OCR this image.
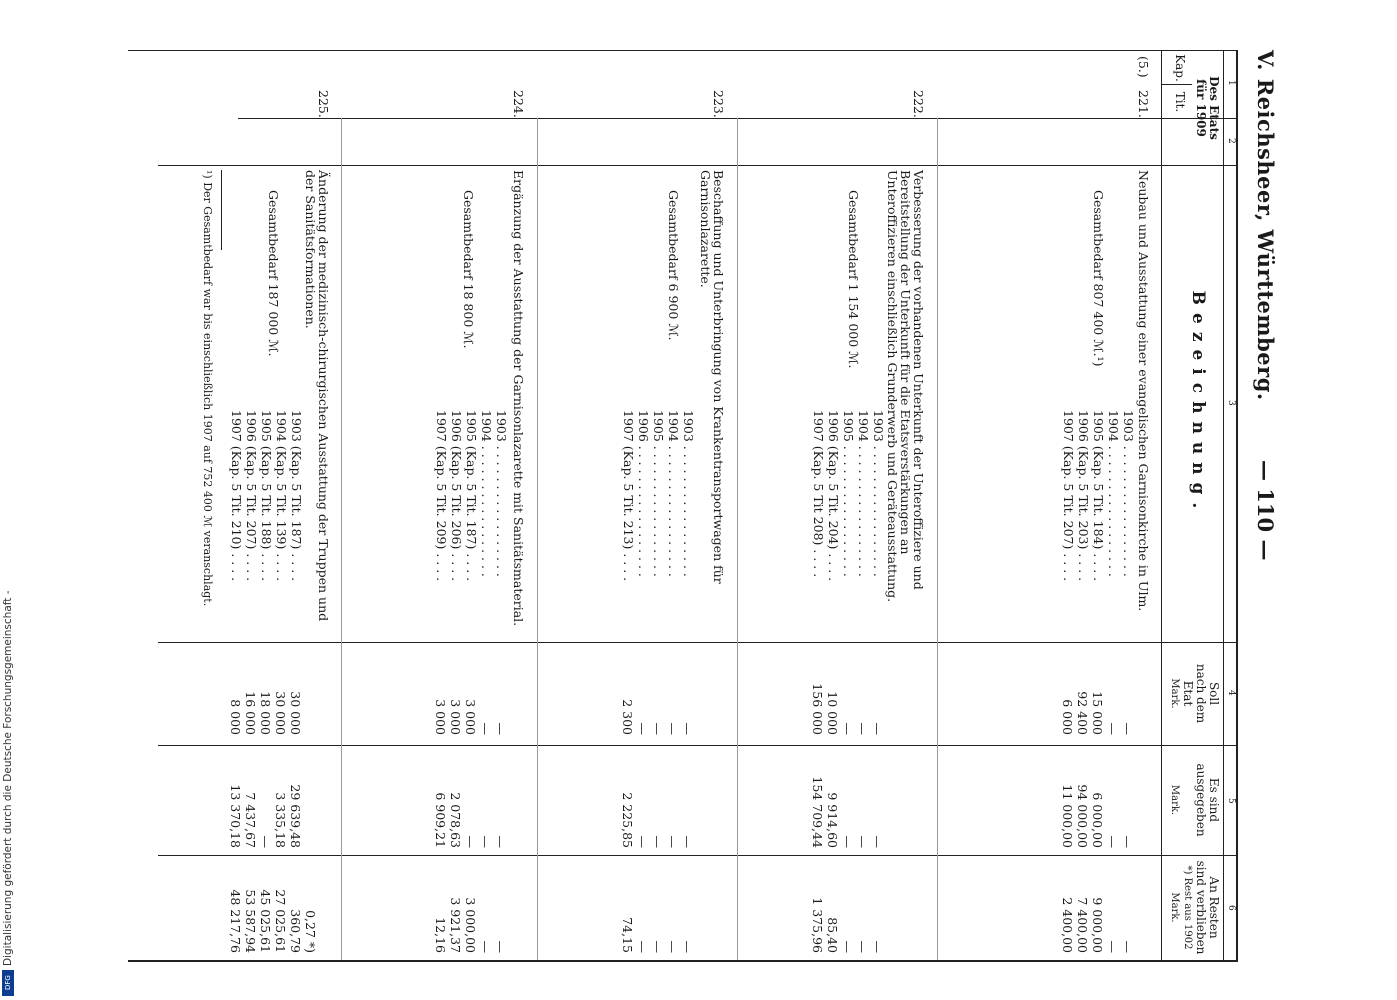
Digitalisierung gefördert durch die Deutsche Forschungsgemeinschaft -
DFG
V. Reichsheer, Württemberg.
— 110 —
1
2
3
4
5
6
Des Etats
für 1909
Kap.
Tit.
Bezeichnung.
Soll
nach dem
Etat
Mark.
Es sind
ausgegeben
Mark.
An Resten
sind verblieben
*) Rest aus 1902
Mark.
(5.)
221.
Neubau und Ausstattung einer evangelischen Garnisonkirche in Ulm.
Gesamtbedarf 807 400 ℳ.¹)
1903 . . . . . . . . . . . . . . . . .
—
—
—
1904 . . . . . . . . . . . . . . . . .
—
—
—
1905 (Kap. 5 Tit. 184) . . . .
15 000
6 000,00
9 000,00
1906 (Kap. 5 Tit. 203) . . . .
92 400
94 000,00
7 400,00
1907 (Kap. 5 Tit. 207) . . . .
6 000
11 000,00
2 400,00
222.
Verbesserung der vorhandenen Unterkunft der Unteroffiziere und Bereitstellung der Unterkunft für die Etatsverstärkungen an Unteroffizieren einschließlich Grunderwerb und Geräteausstattung.
Gesamtbedarf 1 154 000 ℳ.
1903 . . . . . . . . . . . . . . . . .
—
—
—
1904 . . . . . . . . . . . . . . . . .
—
—
—
1905 . . . . . . . . . . . . . . . . .
—
—
—
1906 (Kap. 5 Tit. 204) . . . .
10 000
9 914,60
85,40
1907 (Kap. 5 Tit 208) . . . .
156 000
154 709,44
1 375,96
223.
Beschaffung und Unterbringung von Krankentransportwagen für Garnisonlazarette.
Gesamtbedarf 6 900 ℳ.
1903 . . . . . . . . . . . . . . . . .
—
—
—
1904 . . . . . . . . . . . . . . . . .
—
—
—
1905 . . . . . . . . . . . . . . . . .
—
—
—
1906 . . . . . . . . . . . . . . . . .
—
—
—
1907 (Kap. 5 Tit. 213) . . . .
2 300
2 225,85
74,15
224.
Ergänzung der Ausstattung der Garnisonlazarette mit Sanitätsmaterial.
Gesamtbedarf 18 800 ℳ.
1903 . . . . . . . . . . . . . . . . .
—
—
—
1904 . . . . . . . . . . . . . . . . .
—
—
—
1905 (Kap. 5 Tit. 187) . . . .
3 000
—
3 000,00
1906 (Kap. 5 Tit. 206) . . . .
3 000
2 078,63
3 921,37
1907 (Kap. 5 Tit. 209) . . . .
3 000
6 909,21
12,16
225.
Änderung der medizinisch-chirurgischen Ausstattung der Truppen und der Sanitätsformationen.
Gesamtbedarf 187 000 ℳ.
0,27 *)
1903 (Kap. 5 Tit. 187) . . . .
30 000
29 639,48
360,79
1904 (Kap. 5 Tit. 139) . . . .
30 000
3 335,18
27 025,61
1905 (Kap. 5 Tit. 188) . . . .
18 000
—
45 025,61
1906 (Kap. 5 Tit. 207) . . . .
16 000
7 437,67
53 587,94
1907 (Kap. 5 Tit. 210) . . . .
8 000
13 370,18
48 217,76
¹) Der Gesamtbedarf war bis einschließlich 1907 auf 752 400 ℳ veranschlagt.
